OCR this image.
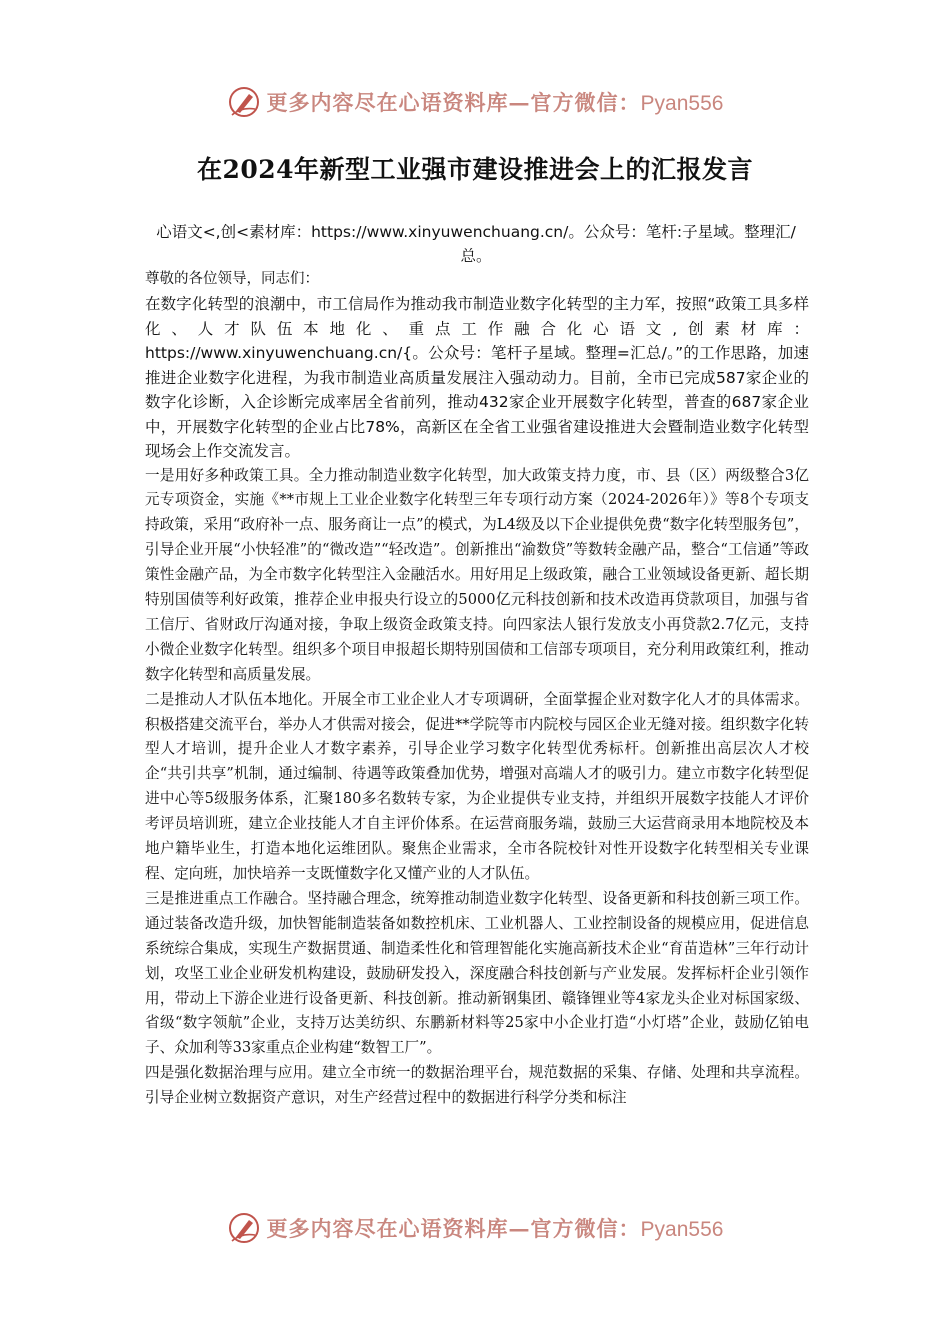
更多内容尽在心语资料库—官方微信：Pyan556
在2024年新型工业强市建设推进会上的汇报发言
心语文<,创<素材库：https://www.xinyuwenchuang.cn/。公众号：笔杆:子星域。整理汇/总。

尊敬的各位领导，同志们：

在数字化转型的浪潮中，市工信局作为推动我市制造业数字化转型的主力军，按照“政策工具多样化、人才队伍本地化、重点工作融合化心语文,创素材库：https://www.xinyuwenchuang.cn/{。公众号：笔杆子星域。整理=汇总/。”的工作思路，加速推进企业数字化进程，为我市制造业高质量发展注入强动动力。目前，全市已完成587家企业的数字化诊断，入企诊断完成率居全省前列，推动432家企业开展数字化转型，普查的687家企业中，开展数字化转型的企业占比78%，高新区在全省工业强省建设推进大会暨制造业数字化转型现场会上作交流发言。

一是用好多种政策工具。全力推动制造业数字化转型，加大政策支持力度，市、县（区）两级整合3亿元专项资金，实施《**市规上工业企业数字化转型三年专项行动方案（2024-2026年）》等8个专项支持政策，采用“政府补一点、服务商让一点”的模式，为L4级及以下企业提供免费“数字化转型服务包”，引导企业开展“小快轻准”的“微改造”“轻改造”。创新推出“渝数贷”等数转金融产品，整合“工信通”等政策性金融产品，为全市数字化转型注入金融活水。用好用足上级政策，融合工业领域设备更新、超长期特别国债等利好政策，推荐企业申报央行设立的5000亿元科技创新和技术改造再贷款项目，加强与省工信厅、省财政厅沟通对接，争取上级资金政策支持。向四家法人银行发放支小再贷款2.7亿元，支持小微企业数字化转型。组织多个项目申报超长期特别国债和工信部专项项目，充分利用政策红利，推动数字化转型和高质量发展。

二是推动人才队伍本地化。开展全市工业企业人才专项调研，全面掌握企业对数字化人才的具体需求。积极搭建交流平台，举办人才供需对接会，促进**学院等市内院校与园区企业无缝对接。组织数字化转型人才培训，提升企业人才数字素养，引导企业学习数字化转型优秀标杆。创新推出高层次人才校企“共引共享”机制，通过编制、待遇等政策叠加优势，增强对高端人才的吸引力。建立市数字化转型促进中心等5级服务体系，汇聚180多名数转专家，为企业提供专业支持，并组织开展数字技能人才评价考评员培训班，建立企业技能人才自主评价体系。在运营商服务端，鼓励三大运营商录用本地院校及本地户籍毕业生，打造本地化运维团队。聚焦企业需求，全市各院校针对性开设数字化转型相关专业课程、定向班，加快培养一支既懂数字化又懂产业的人才队伍。

三是推进重点工作融合。坚持融合理念，统筹推动制造业数字化转型、设备更新和科技创新三项工作。通过装备改造升级，加快智能制造装备如数控机床、工业机器人、工业控制设备的规模应用，促进信息系统综合集成，实现生产数据贯通、制造柔性化和管理智能化实施高新技术企业“育苗造林”三年行动计划，攻坚工业企业研发机构建设，鼓励研发投入，深度融合科技创新与产业发展。发挥标杆企业引领作用，带动上下游企业进行设备更新、科技创新。推动新钢集团、赣锋锂业等4家龙头企业对标国家级、省级“数字领航”企业，支持万达美纺织、东鹏新材料等25家中小企业打造“小灯塔”企业，鼓励亿铂电子、众加利等33家重点企业构建“数智工厂”。

四是强化数据治理与应用。建立全市统一的数据治理平台，规范数据的采集、存储、处理和共享流程。引导企业树立数据资产意识，对生产经营过程中的数据进行科学分类和标注

更多内容尽在心语资料库—官方微信：Pyan556
